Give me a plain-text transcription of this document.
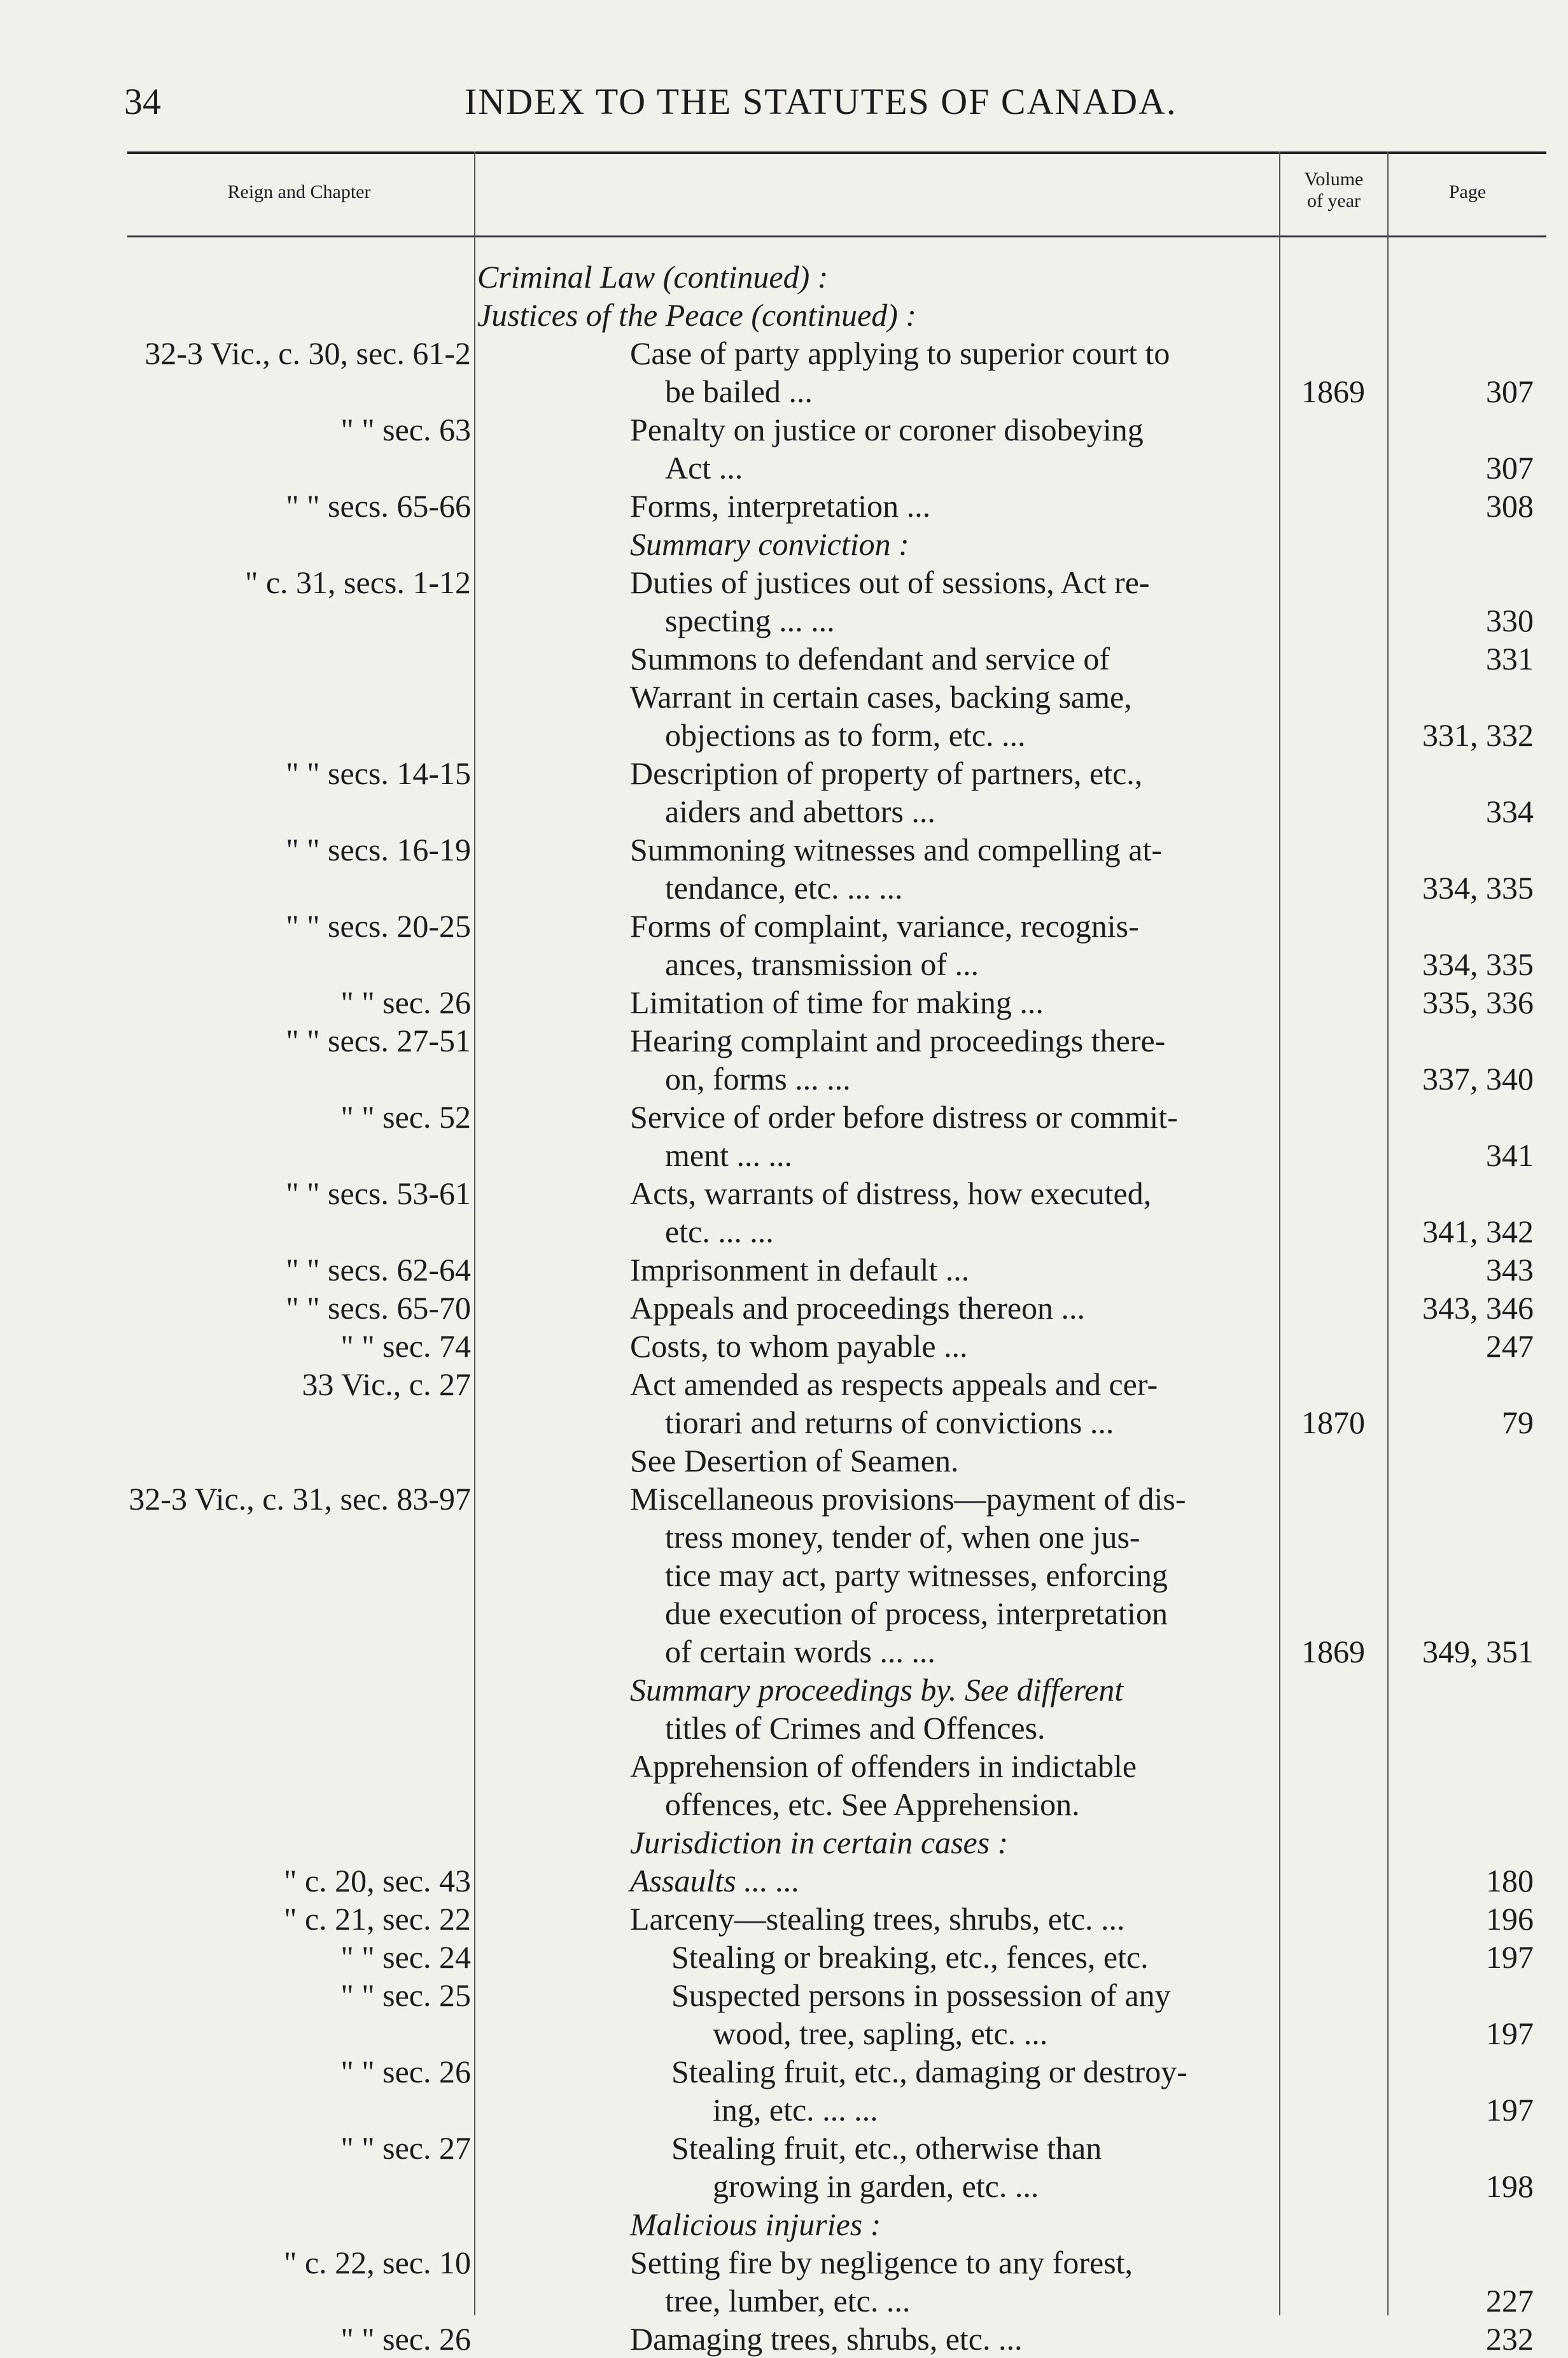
34	INDEX TO THE STATUTES OF CANADA.
Reign and Chapter
Volume
of year	Page
Criminal Law (continued) :
Justices of the Peace (continued) :
32-3 Vic., c. 30, sec. 61-2	Case of party applying to superior court to
be bailed ...	1869	307
" " sec. 63	Penalty on justice or coroner disobeying
Act ...	307
" " secs. 65-66	Forms, interpretation ...	308
Summary conviction :
" c. 31, secs. 1-12	Duties of justices out of sessions, Act re-
specting ... ...	330
Summons to defendant and service of	331
Warrant in certain cases, backing same,
objections as to form, etc. ...	331, 332
" " secs. 14-15	Description of property of partners, etc.,
aiders and abettors ...	334
" " secs. 16-19	Summoning witnesses and compelling at-
tendance, etc. ... ...	334, 335
" " secs. 20-25	Forms of complaint, variance, recognis-
ances, transmission of ...	334, 335
" " sec. 26	Limitation of time for making ...	335, 336
" " secs. 27-51	Hearing complaint and proceedings there-
on, forms ... ...	337, 340
" " sec. 52	Service of order before distress or commit-
ment ... ...	341
" " secs. 53-61	Acts, warrants of distress, how executed,
etc. ... ...	341, 342
" " secs. 62-64	Imprisonment in default ...	343
" " secs. 65-70	Appeals and proceedings thereon ...	343, 346
" " sec. 74	Costs, to whom payable ...	247
33 Vic., c. 27	Act amended as respects appeals and cer-
tiorari and returns of convictions ...	1870	79
See Desertion of Seamen.
32-3 Vic., c. 31, sec. 83-97	Miscellaneous provisions—payment of dis-
tress money, tender of, when one jus-
tice may act, party witnesses, enforcing
due execution of process, interpretation
of certain words ... ...	1869	349, 351
Summary proceedings by. See different
titles of Crimes and Offences.
Apprehension of offenders in indictable
offences, etc. See Apprehension.
Jurisdiction in certain cases :
" c. 20, sec. 43	Assaults ... ...	180
" c. 21, sec. 22	Larceny—stealing trees, shrubs, etc. ...	196
" " sec. 24	Stealing or breaking, etc., fences, etc.	197
" " sec. 25	Suspected persons in possession of any
wood, tree, sapling, etc. ...	197
" " sec. 26	Stealing fruit, etc., damaging or destroy-
ing, etc. ... ...	197
" " sec. 27	Stealing fruit, etc., otherwise than
growing in garden, etc. ...	198
Malicious injuries :
" c. 22, sec. 10	Setting fire by negligence to any forest,
tree, lumber, etc. ...	227
" " sec. 26	Damaging trees, shrubs, etc. ...	232
